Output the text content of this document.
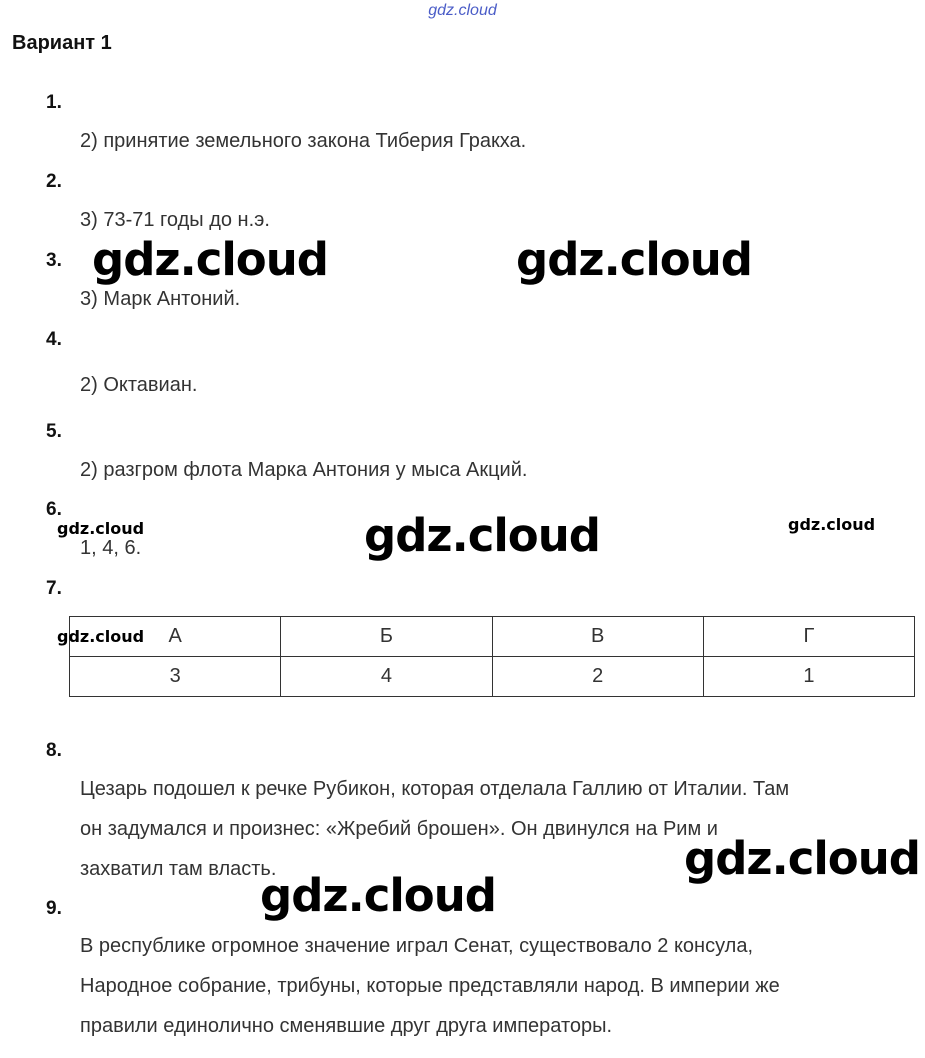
gdz.cloud
Вариант 1
1.
2) принятие земельного закона Тиберия Гракха.
2.
3) 73-71 годы до н.э.
3.
3) Марк Антоний.
4.
2) Октавиан.
5.
2) разгром флота Марка Антония у мыса Акций.
6.
1, 4, 6.
7.
А	Б	В	Г
3	4	2	1
8.
Цезарь подошел к речке Рубикон, которая отделала Галлию от Италии. Там
он задумался и произнес: «Жребий брошен». Он двинулся на Рим и
захватил там власть.
9.
В республике огромное значение играл Сенат, существовало 2 консула,
Народное собрание, трибуны, которые представляли народ. В империи же
правили единолично сменявшие друг друга императоры.
gdz.cloud	gdz.cloud
gdz.cloud	gdz.cloud	gdz.cloud
gdz.cloud
gdz.cloud
gdz.cloud
